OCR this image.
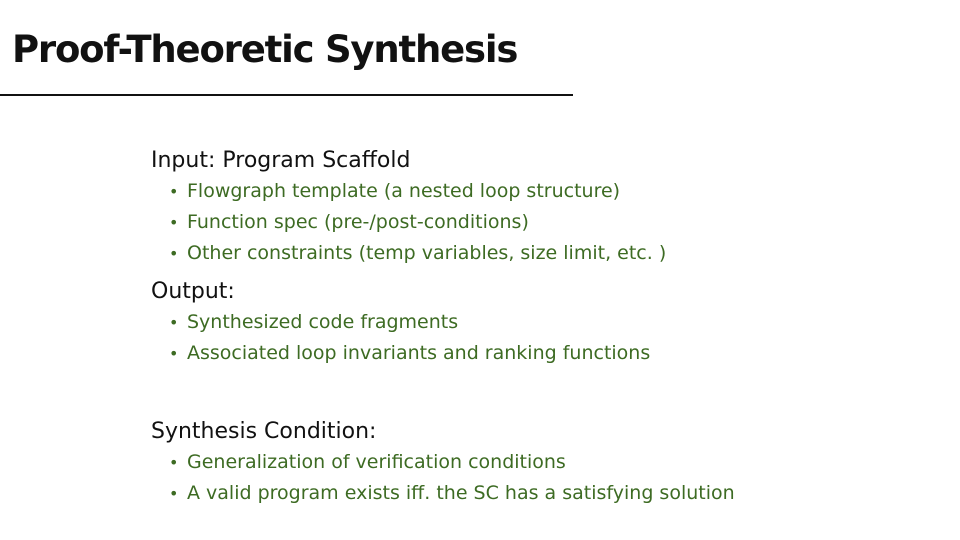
Proof-Theoretic Synthesis
Input: Program Scaffold
• Flowgraph template (a nested loop structure)
• Function spec (pre-/post-conditions)
• Other constraints (temp variables, size limit, etc. )
Output:
• Synthesized code fragments
• Associated loop invariants and ranking functions
Synthesis Condition:
• Generalization of verification conditions
• A valid program exists iff. the SC has a satisfying solution
